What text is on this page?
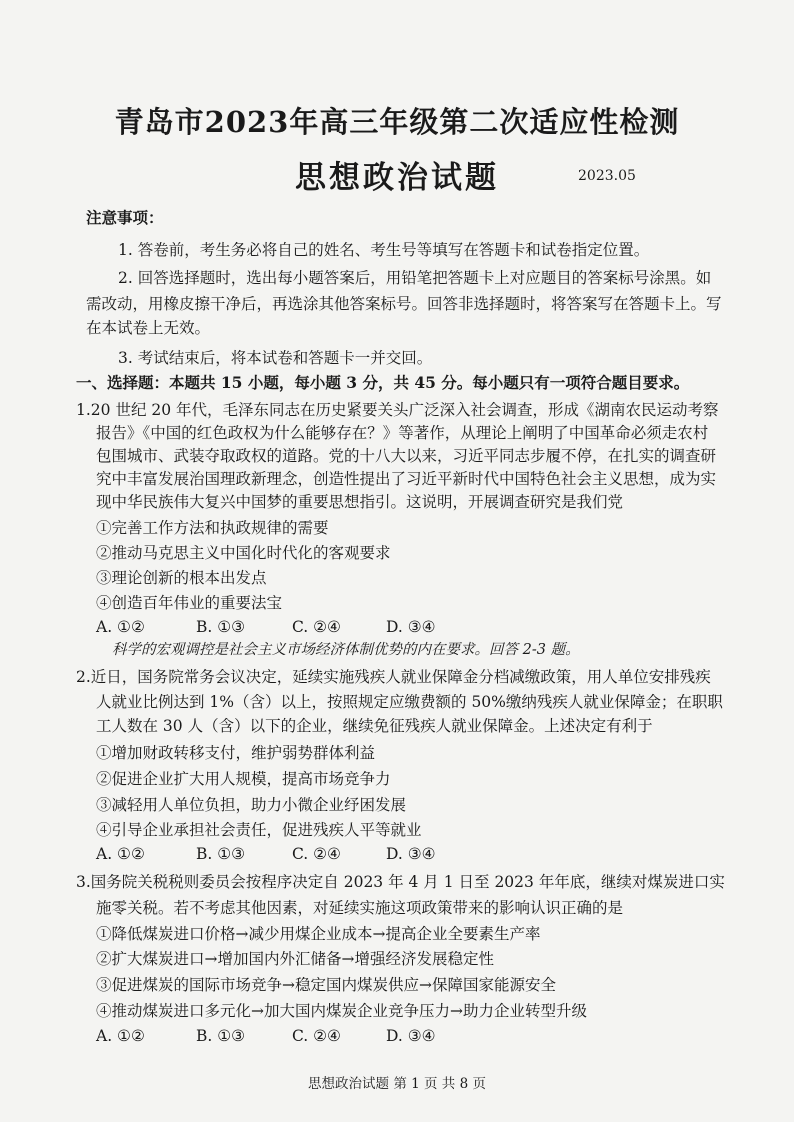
青岛市2023年高三年级第二次适应性检测
思想政治试题	2023.05
注意事项：
1. 答卷前，考生务必将自己的姓名、考生号等填写在答题卡和试卷指定位置。
2. 回答选择题时，选出每小题答案后，用铅笔把答题卡上对应题目的答案标号涂黑。如
需改动，用橡皮擦干净后，再选涂其他答案标号。回答非选择题时，将答案写在答题卡上。写
在本试卷上无效。
3. 考试结束后，将本试卷和答题卡一并交回。
一、选择题：本题共 15 小题，每小题 3 分，共 45 分。每小题只有一项符合题目要求。
1.20 世纪 20 年代，毛泽东同志在历史紧要关头广泛深入社会调查，形成《湖南农民运动考察
报告》《中国的红色政权为什么能够存在？》等著作，从理论上阐明了中国革命必须走农村
包围城市、武装夺取政权的道路。党的十八大以来，习近平同志步履不停，在扎实的调查研
究中丰富发展治国理政新理念，创造性提出了习近平新时代中国特色社会主义思想，成为实
现中华民族伟大复兴中国梦的重要思想指引。这说明，开展调查研究是我们党
①完善工作方法和执政规律的需要
②推动马克思主义中国化时代化的客观要求
③理论创新的根本出发点
④创造百年伟业的重要法宝
A. ①②	B. ①③	C. ②④	D. ③④
科学的宏观调控是社会主义市场经济体制优势的内在要求。回答 2-3 题。
2.近日，国务院常务会议决定，延续实施残疾人就业保障金分档减缴政策，用人单位安排残疾
人就业比例达到 1%（含）以上，按照规定应缴费额的 50%缴纳残疾人就业保障金；在职职
工人数在 30 人（含）以下的企业，继续免征残疾人就业保障金。上述决定有利于
①增加财政转移支付，维护弱势群体利益
②促进企业扩大用人规模，提高市场竞争力
③减轻用人单位负担，助力小微企业纾困发展
④引导企业承担社会责任，促进残疾人平等就业
A. ①②	B. ①③	C. ②④	D. ③④
3.国务院关税税则委员会按程序决定自 2023 年 4 月 1 日至 2023 年年底，继续对煤炭进口实
施零关税。若不考虑其他因素，对延续实施这项政策带来的影响认识正确的是
①降低煤炭进口价格→减少用煤企业成本→提高企业全要素生产率
②扩大煤炭进口→增加国内外汇储备→增强经济发展稳定性
③促进煤炭的国际市场竞争→稳定国内煤炭供应→保障国家能源安全
④推动煤炭进口多元化→加大国内煤炭企业竞争压力→助力企业转型升级
A. ①②	B. ①③	C. ②④	D. ③④
思想政治试题 第 1 页 共 8 页
